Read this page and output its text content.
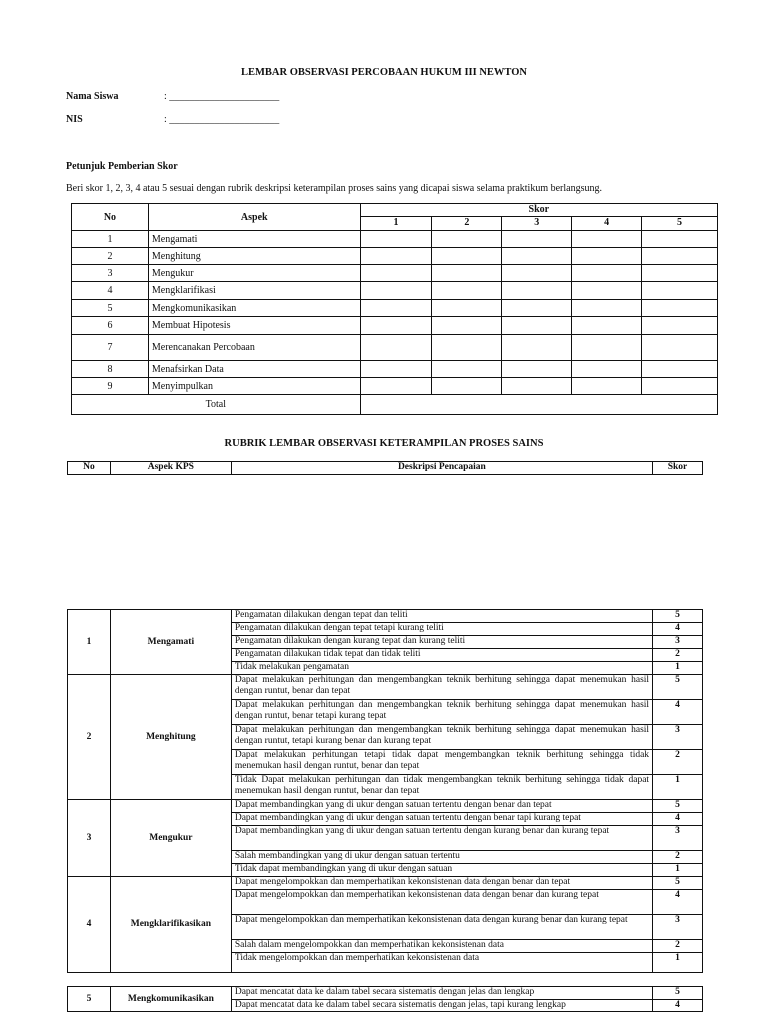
LEMBAR OBSERVASI PERCOBAAN HUKUM III NEWTON
Nama Siswa	: ______________________
NIS	: ______________________
Petunjuk Pemberian Skor
Beri skor 1, 2, 3, 4 atau 5 sesuai dengan rubrik deskripsi keterampilan proses sains yang dicapai siswa selama praktikum berlangsung.
No	Aspek	Skor				
		1	2	3	4	5
1	Mengamati					
2	Menghitung					
3	Mengukur					
4	Mengklarifikasi					
5	Mengkomunikasikan					
6	Membuat Hipotesis					
7	Merencanakan Percobaan					
8	Menafsirkan Data					
9	Menyimpulkan					
Total						
RUBRIK LEMBAR OBSERVASI KETERAMPILAN PROSES SAINS
No	Aspek KPS	Deskripsi Pencapaian	Skor
1	Mengamati	Pengamatan dilakukan dengan tepat dan teliti	5
		Pengamatan dilakukan dengan tepat tetapi kurang teliti	4
		Pengamatan dilakukan dengan kurang tepat dan kurang teliti	3
		Pengamatan dilakukan tidak tepat dan tidak teliti	2
		Tidak melakukan pengamatan	1
2	Menghitung	Dapat melakukan perhitungan dan mengembangkan teknik berhitung sehingga dapat menemukan hasil dengan runtut, benar dan tepat	5
		Dapat melakukan perhitungan dan mengembangkan teknik berhitung sehingga dapat menemukan hasil dengan runtut, benar tetapi kurang tepat	4
		Dapat melakukan perhitungan dan mengembangkan teknik berhitung sehingga dapat menemukan hasil dengan runtut, tetapi kurang benar dan kurang tepat	3
		Dapat melakukan perhitungan tetapi tidak dapat mengembangkan teknik berhitung sehingga tidak menemukan hasil dengan runtut, benar dan tepat	2
		Tidak Dapat melakukan perhitungan dan tidak mengembangkan teknik berhitung sehingga tidak dapat menemukan hasil dengan runtut, benar dan tepat	1
3	Mengukur	Dapat membandingkan yang di ukur dengan satuan tertentu dengan benar dan tepat	5
		Dapat membandingkan yang di ukur dengan satuan tertentu dengan benar tapi kurang tepat	4
		Dapat membandingkan yang di ukur dengan satuan tertentu dengan kurang benar dan kurang tepat	3
		Salah membandingkan yang di ukur dengan satuan tertentu	2
		Tidak dapat membandingkan yang di ukur dengan satuan	1
4	Mengklarifikasikan	Dapat mengelompokkan dan memperhatikan kekonsistenan data dengan benar dan tepat	5
		Dapat mengelompokkan dan memperhatikan kekonsistenan data dengan benar dan kurang tepat	4
		Dapat mengelompokkan dan memperhatikan kekonsistenan data dengan kurang benar dan kurang tepat	3
		Salah dalam mengelompokkan dan memperhatikan kekonsistenan data	2
		Tidak mengelompokkan dan memperhatikan kekonsistenan data	1
5	Mengkomunikasikan	Dapat mencatat data ke dalam tabel secara sistematis dengan jelas dan lengkap	5
		Dapat mencatat data ke dalam tabel secara sistematis dengan jelas, tapi kurang lengkap	4
